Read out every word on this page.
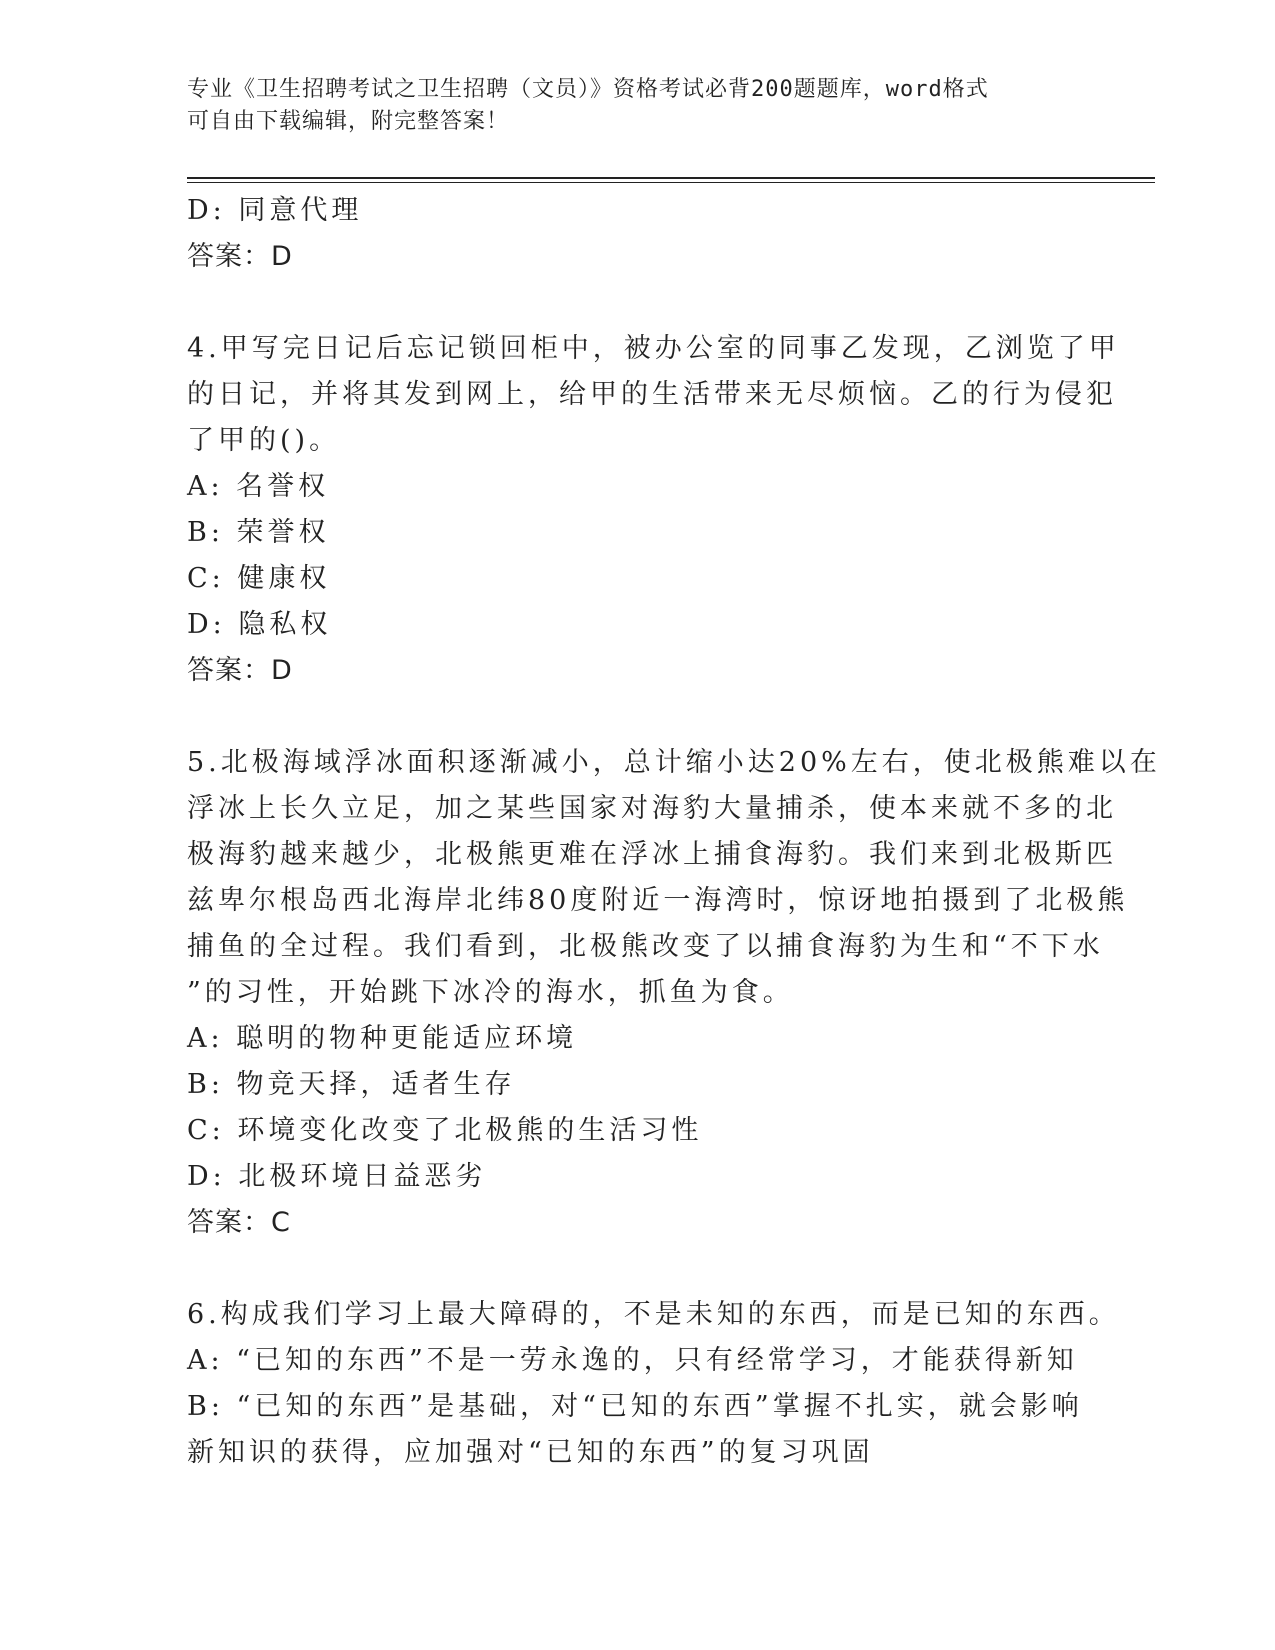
专业《卫生招聘考试之卫生招聘（文员）》资格考试必背200题题库，word格式
可自由下载编辑，附完整答案！
D: 同意代理
答案：D
4.甲写完日记后忘记锁回柜中，被办公室的同事乙发现，乙浏览了甲
的日记，并将其发到网上，给甲的生活带来无尽烦恼。乙的行为侵犯
了甲的()。
A: 名誉权
B: 荣誉权
C: 健康权
D: 隐私权
答案：D
5.北极海域浮冰面积逐渐减小，总计缩小达20%左右，使北极熊难以在
浮冰上长久立足，加之某些国家对海豹大量捕杀，使本来就不多的北
极海豹越来越少，北极熊更难在浮冰上捕食海豹。我们来到北极斯匹
兹卑尔根岛西北海岸北纬80度附近一海湾时，惊讶地拍摄到了北极熊
捕鱼的全过程。我们看到，北极熊改变了以捕食海豹为生和“不下水
”的习性，开始跳下冰冷的海水，抓鱼为食。
A: 聪明的物种更能适应环境
B: 物竞天择，适者生存
C: 环境变化改变了北极熊的生活习性
D: 北极环境日益恶劣
答案：C
6.构成我们学习上最大障碍的，不是未知的东西，而是已知的东西。
A: “已知的东西”不是一劳永逸的，只有经常学习，才能获得新知
B: “已知的东西”是基础，对“已知的东西”掌握不扎实，就会影响
新知识的获得，应加强对“已知的东西”的复习巩固
